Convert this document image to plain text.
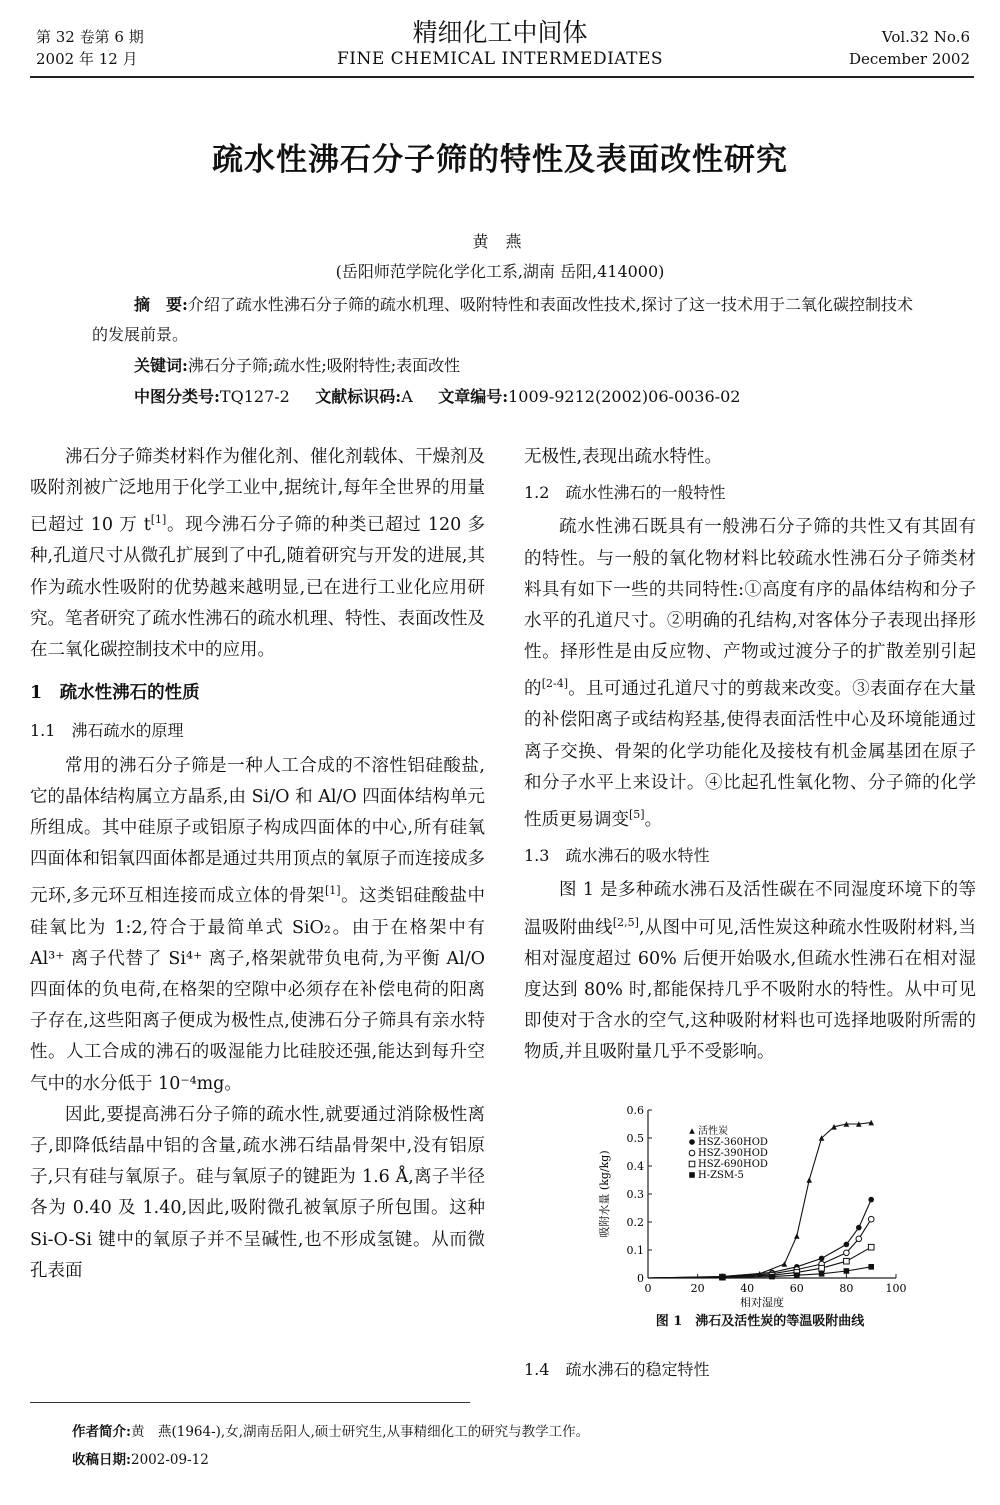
第 32 卷第 6 期
2002 年 12 月
精细化工中间体
FINE CHEMICAL INTERMEDIATES
Vol.32 No.6
December 2002
疏水性沸石分子筛的特性及表面改性研究
黄 燕
(岳阳师范学院化学化工系,湖南 岳阳,414000)
摘　要:介绍了疏水性沸石分子筛的疏水机理、吸附特性和表面改性技术,探讨了这一技术用于二氧化碳控制技术的发展前景。
关键词:沸石分子筛;疏水性;吸附特性;表面改性
中图分类号:TQ127-2 文献标识码:A 文章编号:1009-9212(2002)06-0036-02

沸石分子筛类材料作为催化剂、催化剂载体、干燥剂及吸附剂被广泛地用于化学工业中,据统计,每年全世界的用量已超过 10 万 t[1]。现今沸石分子筛的种类已超过 120 多种,孔道尺寸从微孔扩展到了中孔,随着研究与开发的进展,其作为疏水性吸附的优势越来越明显,已在进行工业化应用研究。笔者研究了疏水性沸石的疏水机理、特性、表面改性及在二氧化碳控制技术中的应用。

1　疏水性沸石的性质
1.1　沸石疏水的原理

常用的沸石分子筛是一种人工合成的不溶性铝硅酸盐,它的晶体结构属立方晶系,由 Si/O 和 Al/O 四面体结构单元所组成。其中硅原子或铝原子构成四面体的中心,所有硅氧四面体和铝氧四面体都是通过共用顶点的氧原子而连接成多元环,多元环互相连接而成立体的骨架[1]。这类铝硅酸盐中硅氧比为 1:2,符合于最简单式 SiO₂。由于在格架中有 Al³⁺ 离子代替了 Si⁴⁺ 离子,格架就带负电荷,为平衡 Al/O 四面体的负电荷,在格架的空隙中必须存在补偿电荷的阳离子存在,这些阳离子便成为极性点,使沸石分子筛具有亲水特性。人工合成的沸石的吸湿能力比硅胶还强,能达到每升空气中的水分低于 10⁻⁴mg。

因此,要提高沸石分子筛的疏水性,就要通过消除极性离子,即降低结晶中铝的含量,疏水沸石结晶骨架中,没有铝原子,只有硅与氧原子。硅与氧原子的键距为 1.6 Å,离子半径各为 0.40 及 1.40,因此,吸附微孔被氧原子所包围。这种 Si-O-Si 键中的氧原子并不呈碱性,也不形成氢键。从而微孔表面

无极性,表现出疏水特性。

1.2　疏水性沸石的一般特性

疏水性沸石既具有一般沸石分子筛的共性又有其固有的特性。与一般的氧化物材料比较疏水性沸石分子筛类材料具有如下一些的共同特性:①高度有序的晶体结构和分子水平的孔道尺寸。②明确的孔结构,对客体分子表现出择形性。择形性是由反应物、产物或过渡分子的扩散差别引起的[2-4]。且可通过孔道尺寸的剪裁来改变。③表面存在大量的补偿阳离子或结构羟基,使得表面活性中心及环境能通过离子交换、骨架的化学功能化及接枝有机金属基团在原子和分子水平上来设计。④比起孔性氧化物、分子筛的化学性质更易调变[5]。

1.3　疏水沸石的吸水特性

图 1 是多种疏水沸石及活性碳在不同湿度环境下的等温吸附曲线[2,5],从图中可见,活性炭这种疏水性吸附材料,当相对湿度超过 60% 后便开始吸水,但疏水性沸石在相对湿度达到 80% 时,都能保持几乎不吸附水的特性。从中可见即使对于含水的空气,这种吸附材料也可选择地吸附所需的物质,并且吸附量几乎不受影响。

0	20	40	60	80	100
0
0.1
0.2
0.3
0.4
0.5
0.6
相对湿度
吸附水量 (kg/kg)
活性炭
HSZ-360HOD
HSZ-390HOD
HSZ-690HOD
H-ZSM-5
图 1　沸石及活性炭的等温吸附曲线
1.4　疏水沸石的稳定特性
作者简介:黄　燕(1964-),女,湖南岳阳人,硕士研究生,从事精细化工的研究与教学工作。
收稿日期:2002-09-12
